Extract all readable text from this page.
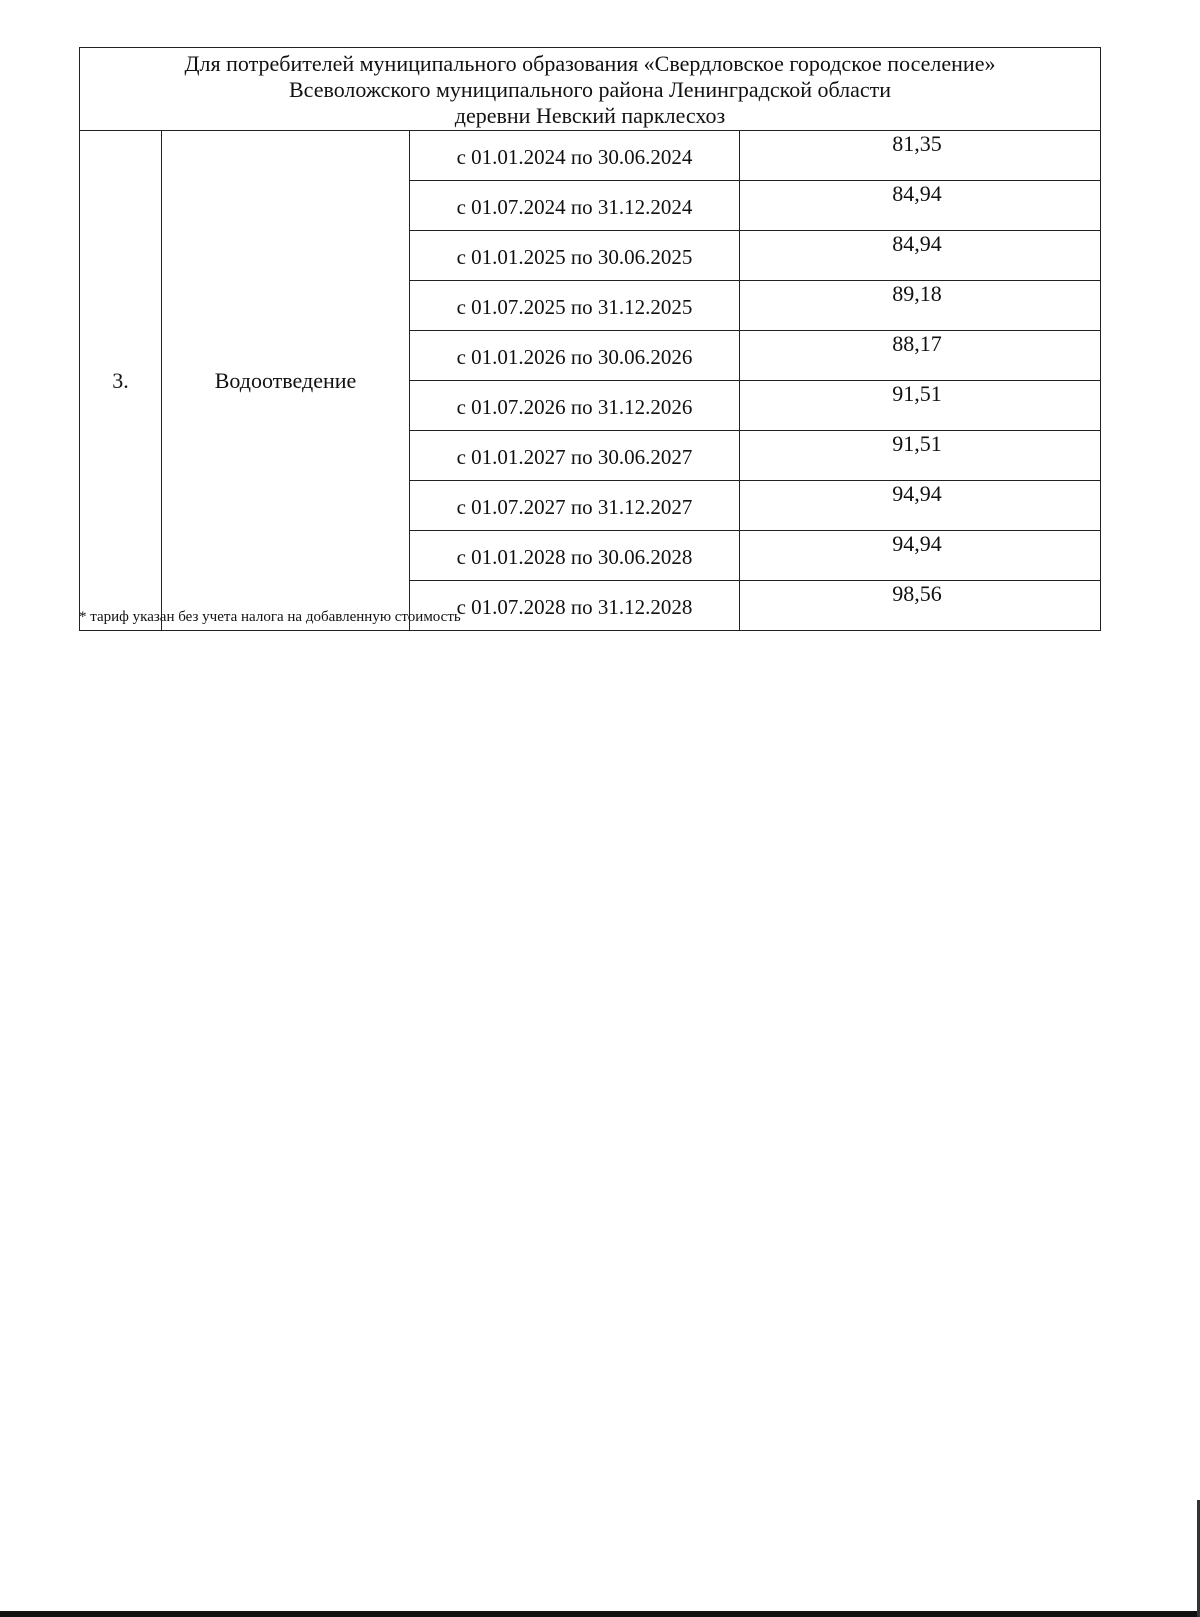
Для потребителей муниципального образования «Свердловское городское поселение»
Всеволожского муниципального района Ленинградской области
деревни Невский парклесхоз			

3.	Водоотведение	с 01.01.2024 по 30.06.2024	81,35
		с 01.07.2024 по 31.12.2024	84,94
		с 01.01.2025 по 30.06.2025	84,94
		с 01.07.2025 по 31.12.2025	89,18
		с 01.01.2026 по 30.06.2026	88,17
		с 01.07.2026 по 31.12.2026	91,51
		с 01.01.2027 по 30.06.2027	91,51
		с 01.07.2027 по 31.12.2027	94,94
		с 01.01.2028 по 30.06.2028	94,94
		с 01.07.2028 по 31.12.2028	98,56
* тариф указан без учета налога на добавленную стоимость
